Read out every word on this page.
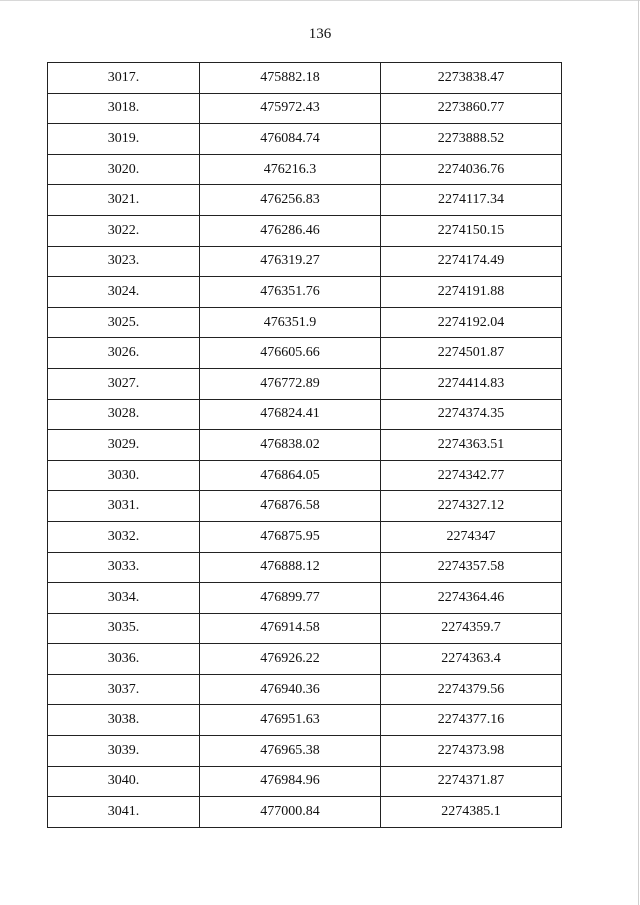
136
3017.	475882.18	2273838.47
3018.	475972.43	2273860.77
3019.	476084.74	2273888.52
3020.	476216.3	2274036.76
3021.	476256.83	2274117.34
3022.	476286.46	2274150.15
3023.	476319.27	2274174.49
3024.	476351.76	2274191.88
3025.	476351.9	2274192.04
3026.	476605.66	2274501.87
3027.	476772.89	2274414.83
3028.	476824.41	2274374.35
3029.	476838.02	2274363.51
3030.	476864.05	2274342.77
3031.	476876.58	2274327.12
3032.	476875.95	2274347
3033.	476888.12	2274357.58
3034.	476899.77	2274364.46
3035.	476914.58	2274359.7
3036.	476926.22	2274363.4
3037.	476940.36	2274379.56
3038.	476951.63	2274377.16
3039.	476965.38	2274373.98
3040.	476984.96	2274371.87
3041.	477000.84	2274385.1
